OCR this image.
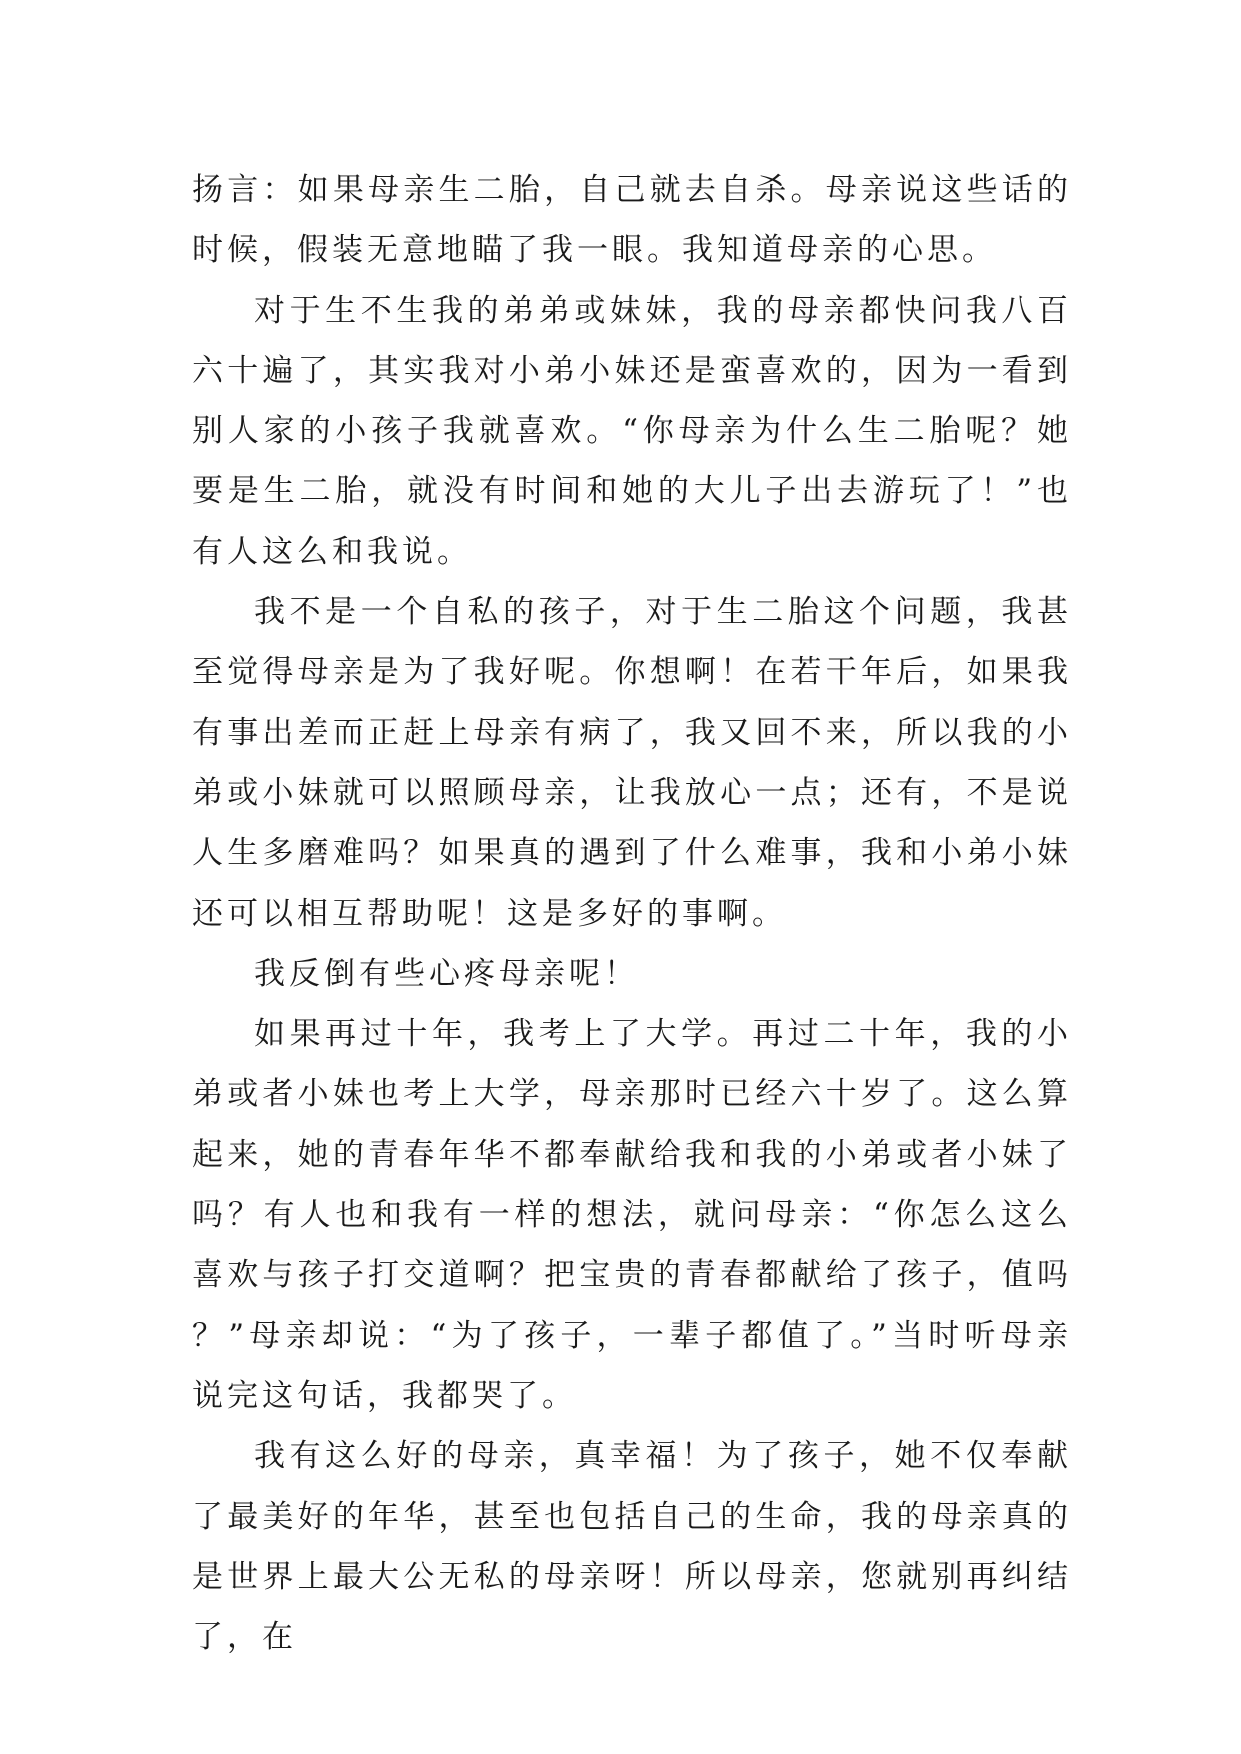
扬言：如果母亲生二胎，自己就去自杀。母亲说这些话的时候，假装无意地瞄了我一眼。我知道母亲的心思。

对于生不生我的弟弟或妹妹，我的母亲都快问我八百六十遍了，其实我对小弟小妹还是蛮喜欢的，因为一看到别人家的小孩子我就喜欢。“你母亲为什么生二胎呢？她要是生二胎，就没有时间和她的大儿子出去游玩了！”也有人这么和我说。

我不是一个自私的孩子，对于生二胎这个问题，我甚至觉得母亲是为了我好呢。你想啊！在若干年后，如果我有事出差而正赶上母亲有病了，我又回不来，所以我的小弟或小妹就可以照顾母亲，让我放心一点；还有，不是说人生多磨难吗？如果真的遇到了什么难事，我和小弟小妹还可以相互帮助呢！这是多好的事啊。

我反倒有些心疼母亲呢！

如果再过十年，我考上了大学。再过二十年，我的小弟或者小妹也考上大学，母亲那时已经六十岁了。这么算起来，她的青春年华不都奉献给我和我的小弟或者小妹了吗？有人也和我有一样的想法，就问母亲：“你怎么这么喜欢与孩子打交道啊？把宝贵的青春都献给了孩子，值吗？”母亲却说：“为了孩子，一辈子都值了。”当时听母亲说完这句话，我都哭了。

我有这么好的母亲，真幸福！为了孩子，她不仅奉献了最美好的年华，甚至也包括自己的生命，我的母亲真的是世界上最大公无私的母亲呀！所以母亲，您就别再纠结了，在
